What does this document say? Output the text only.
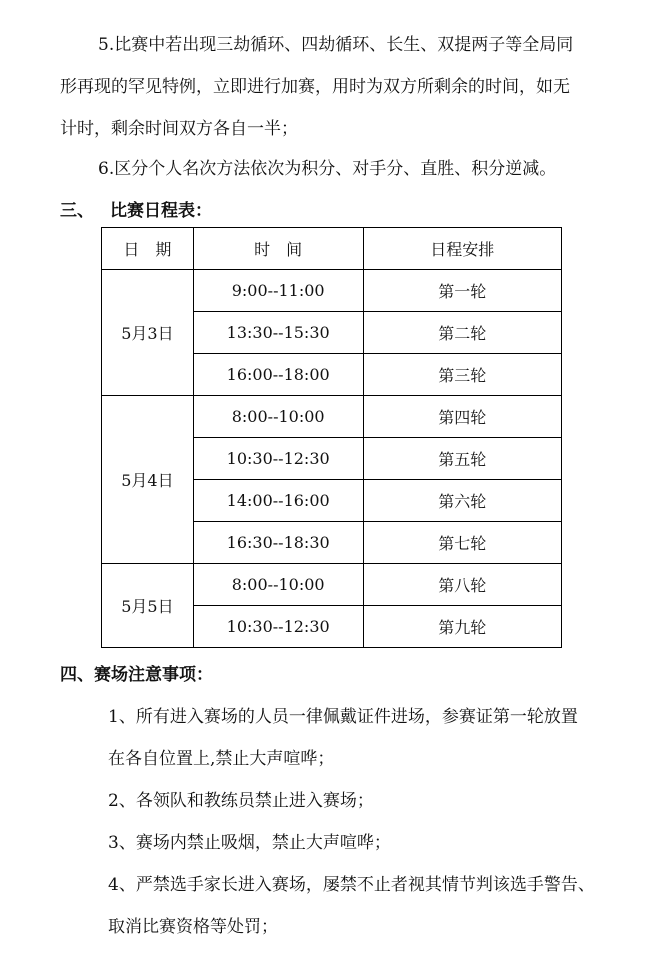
5.比赛中若出现三劫循环、四劫循环、长生、双提两子等全局同
形再现的罕见特例，立即进行加赛，用时为双方所剩余的时间，如无
计时，剩余时间双方各自一半；
6.区分个人名次方法依次为积分、对手分、直胜、积分逆减。
三、 比赛日程表：
日　期	时　间	日程安排
5月3日	9:00--11:00	第一轮
	13:30--15:30	第二轮
	16:00--18:00	第三轮
5月4日	8:00--10:00	第四轮
	10:30--12:30	第五轮
	14:00--16:00	第六轮
	16:30--18:30	第七轮
5月5日	8:00--10:00	第八轮
	10:30--12:30	第九轮
四、赛场注意事项：
1、所有进入赛场的人员一律佩戴证件进场，参赛证第一轮放置
在各自位置上,禁止大声喧哗；
2、各领队和教练员禁止进入赛场；
3、赛场内禁止吸烟，禁止大声喧哗；
4、严禁选手家长进入赛场，屡禁不止者视其情节判该选手警告、
取消比赛资格等处罚；
